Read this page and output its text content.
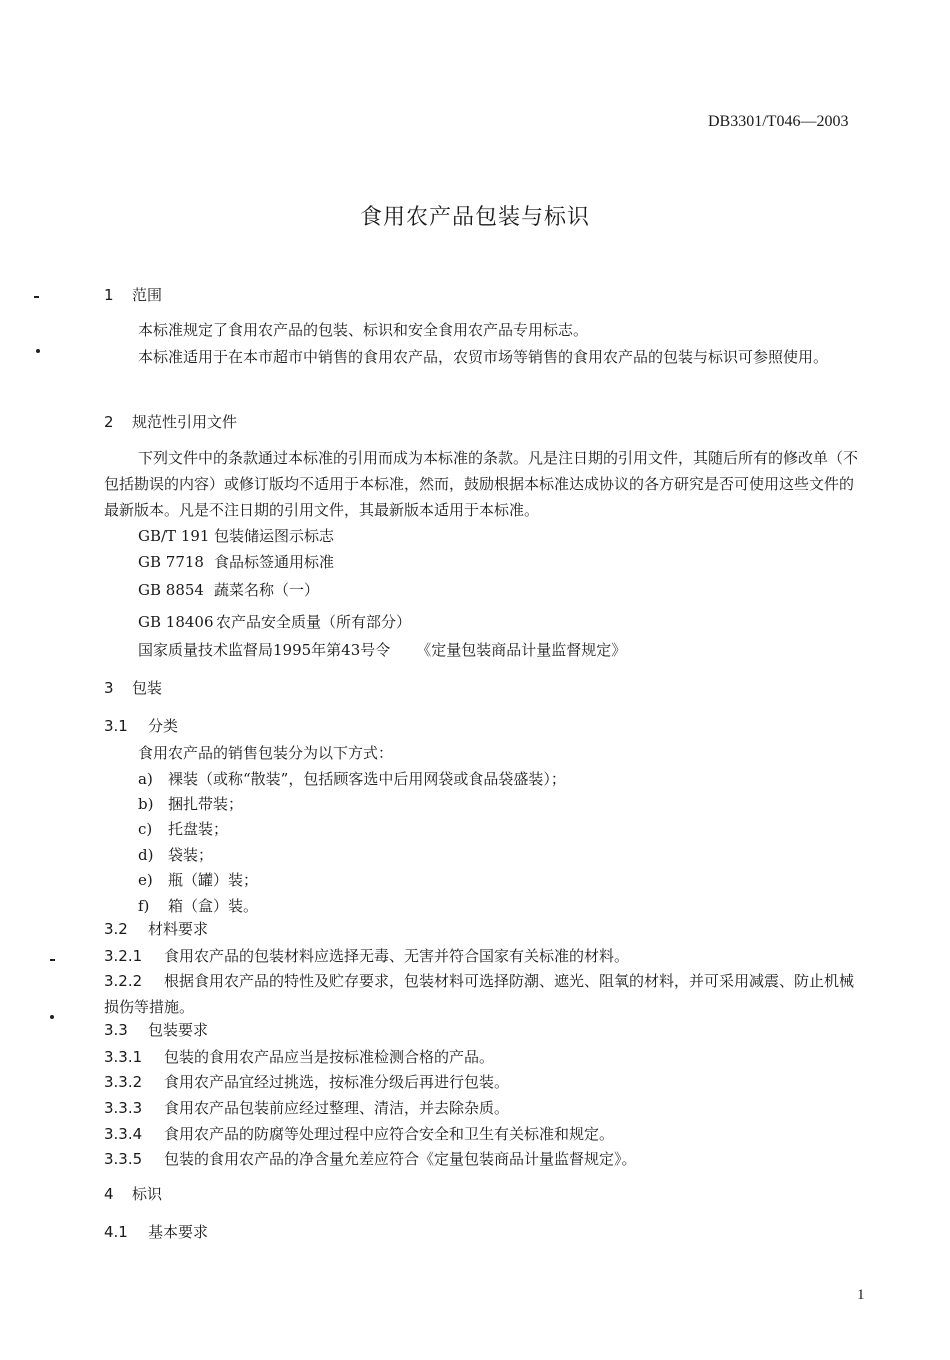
DB3301/T046—2003
食用农产品包装与标识
1 范围
本标准规定了食用农产品的包装、标识和安全食用农产品专用标志。
本标准适用于在本市超市中销售的食用农产品，农贸市场等销售的食用农产品的包装与标识可参照使用。
2 规范性引用文件
下列文件中的条款通过本标准的引用而成为本标准的条款。凡是注日期的引用文件，其随后所有的修改单（不包括勘误的内容）或修订版均不适用于本标准，然而，鼓励根据本标准达成协议的各方研究是否可使用这些文件的最新版本。凡是不注日期的引用文件，其最新版本适用于本标准。
GB/T 191 包装储运图示标志
GB 7718 食品标签通用标准
GB 8854 蔬菜名称（一）
GB 18406 农产品安全质量（所有部分）
国家质量技术监督局1995年第43号令 《定量包装商品计量监督规定》
3 包装
3.1 分类
食用农产品的销售包装分为以下方式：
a) 裸装（或称“散装”，包括顾客选中后用网袋或食品袋盛装）；
b) 捆扎带装；
c) 托盘装；
d) 袋装；
e) 瓶（罐）装；
f) 箱（盒）装。
3.2 材料要求
3.2.1 食用农产品的包装材料应选择无毒、无害并符合国家有关标准的材料。
3.2.2 根据食用农产品的特性及贮存要求，包装材料可选择防潮、遮光、阻氧的材料，并可采用减震、防止机械损伤等措施。
3.3 包装要求
3.3.1 包装的食用农产品应当是按标准检测合格的产品。
3.3.2 食用农产品宜经过挑选，按标准分级后再进行包装。
3.3.3 食用农产品包装前应经过整理、清洁，并去除杂质。
3.3.4 食用农产品的防腐等处理过程中应符合安全和卫生有关标准和规定。
3.3.5 包装的食用农产品的净含量允差应符合《定量包装商品计量监督规定》。
4 标识
4.1 基本要求
1
